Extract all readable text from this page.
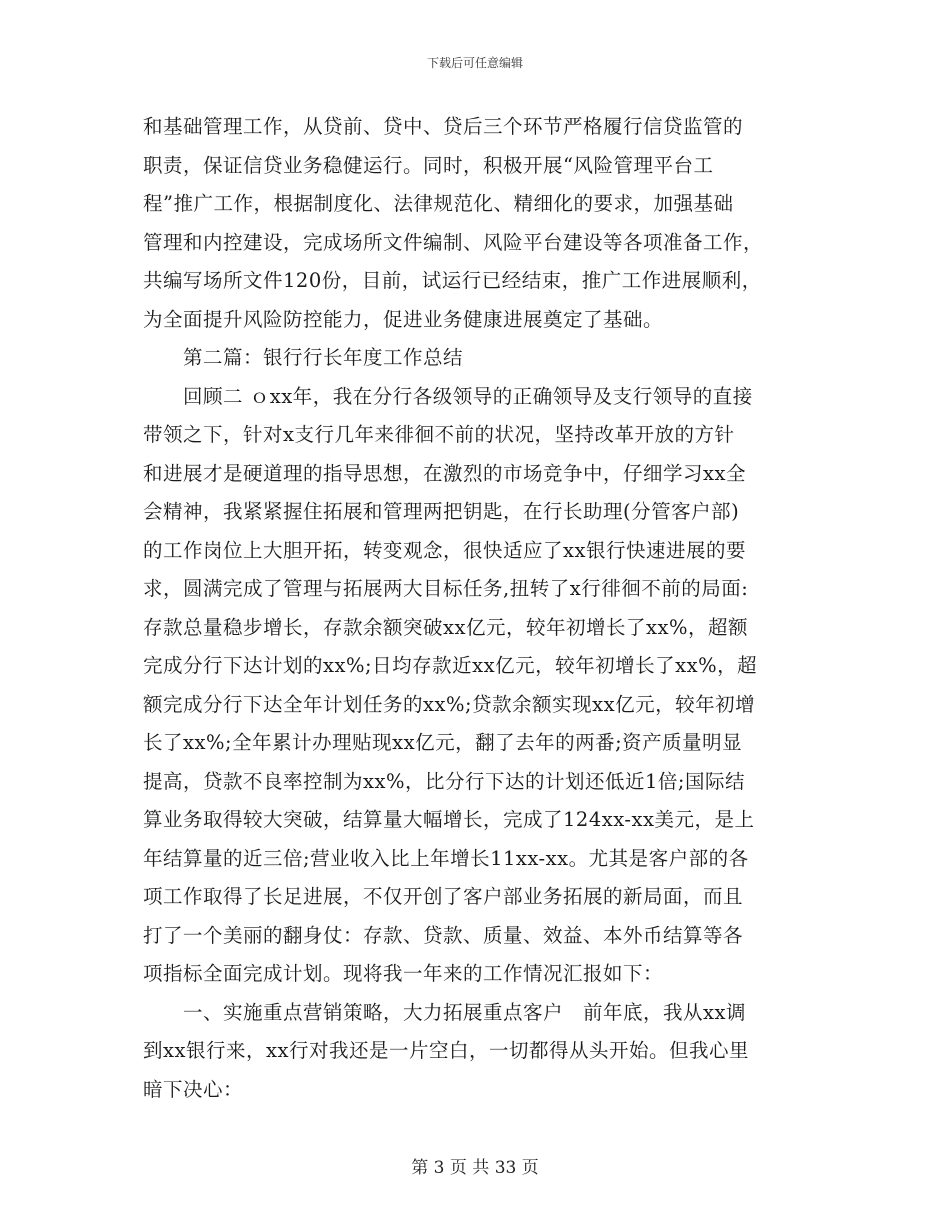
下载后可任意编辑
和基础管理工作，从贷前、贷中、贷后三个环节严格履行信贷监管的
职责，保证信贷业务稳健运行。同时，积极开展“风险管理平台工
程”推广工作，根据制度化、法律规范化、精细化的要求，加强基础
管理和内控建设，完成场所文件编制、风险平台建设等各项准备工作，
共编写场所文件120份，目前，试运行已经结束，推广工作进展顺利，
为全面提升风险防控能力，促进业务健康进展奠定了基础。
　　第二篇：银行行长年度工作总结
　　回顾二 ｏxx年，我在分行各级领导的正确领导及支行领导的直接
带领之下，针对x支行几年来徘徊不前的状况，坚持改革开放的方针
和进展才是硬道理的指导思想，在激烈的市场竞争中，仔细学习xx全
会精神，我紧紧握住拓展和管理两把钥匙，在行长助理(分管客户部)
的工作岗位上大胆开拓，转变观念，很快适应了xx银行快速进展的要
求，圆满完成了管理与拓展两大目标任务,扭转了x行徘徊不前的局面:
存款总量稳步增长，存款余额突破xx亿元，较年初增长了xx%，超额
完成分行下达计划的xx%;日均存款近xx亿元，较年初增长了xx%，超
额完成分行下达全年计划任务的xx%;贷款余额实现xx亿元，较年初增
长了xx%;全年累计办理贴现xx亿元，翻了去年的两番;资产质量明显
提高，贷款不良率控制为xx%，比分行下达的计划还低近1倍;国际结
算业务取得较大突破，结算量大幅增长，完成了124xx-xx美元，是上
年结算量的近三倍;营业收入比上年增长11xx-xx。尤其是客户部的各
项工作取得了长足进展，不仅开创了客户部业务拓展的新局面，而且
打了一个美丽的翻身仗：存款、贷款、质量、效益、本外币结算等各
项指标全面完成计划。现将我一年来的工作情况汇报如下：
　　一、实施重点营销策略，大力拓展重点客户　前年底，我从xx调
到xx银行来，xx行对我还是一片空白，一切都得从头开始。但我心里
暗下决心：
第 3 页 共 33 页
